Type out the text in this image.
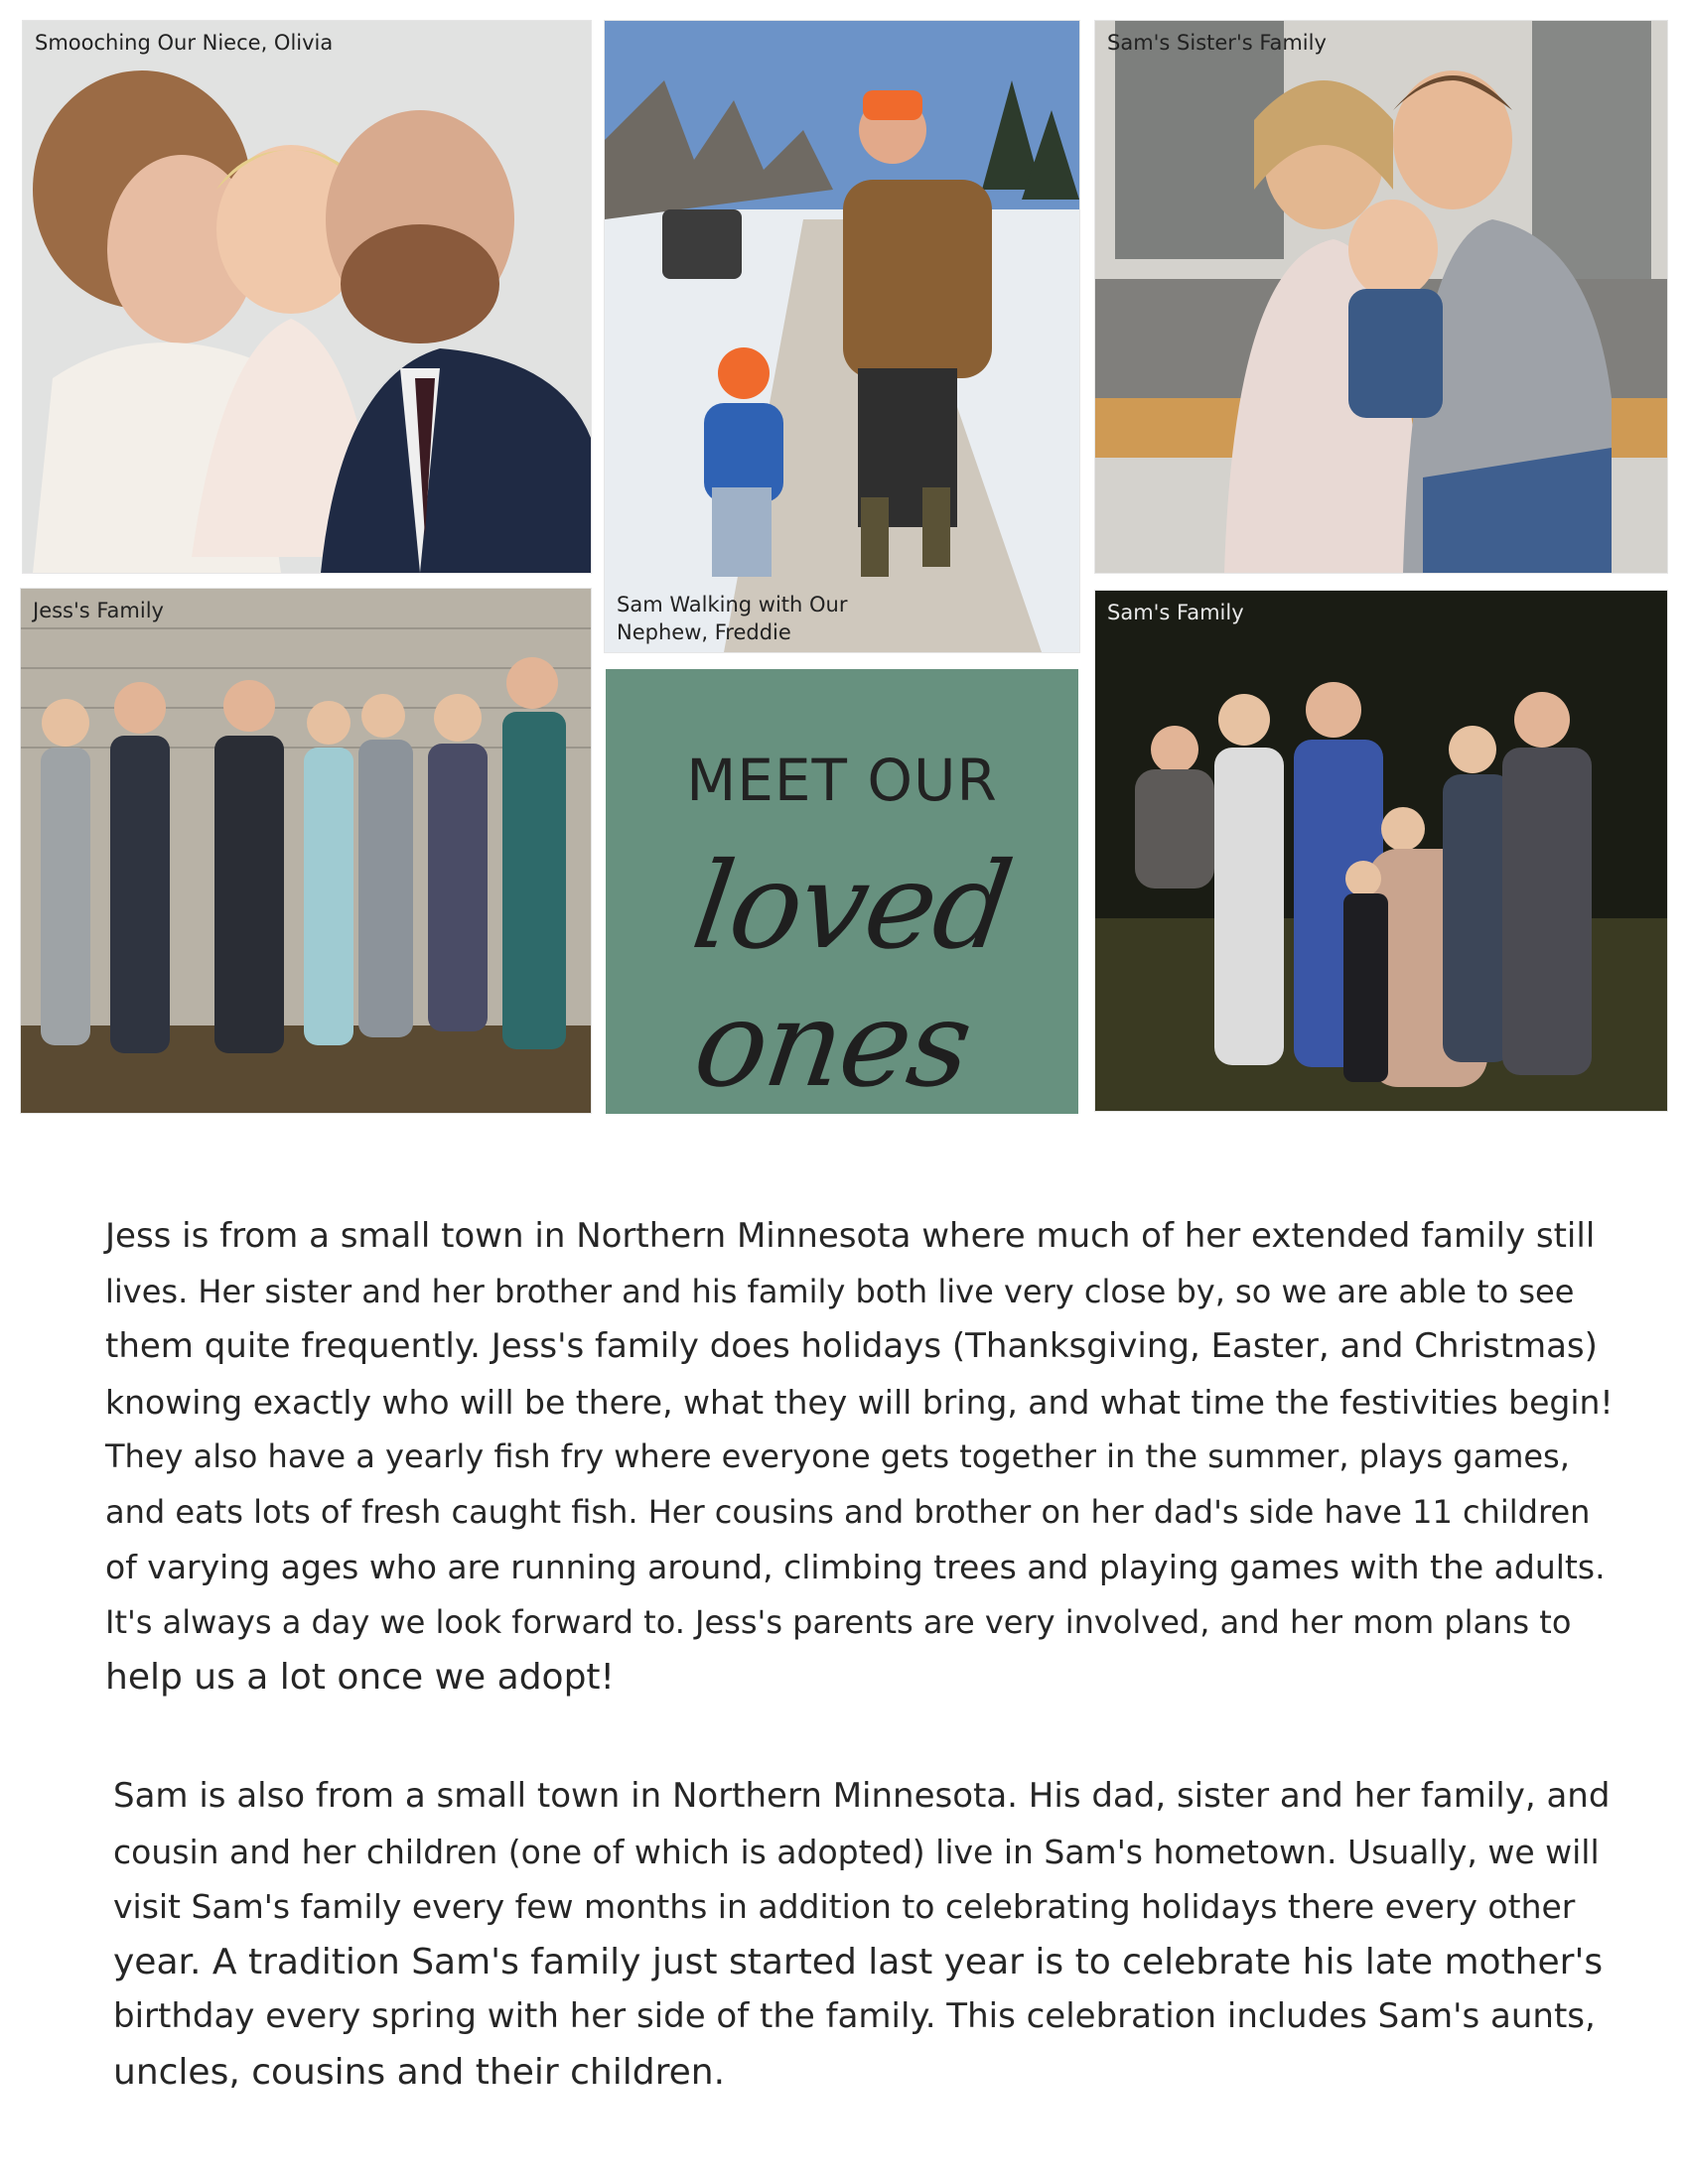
Smooching Our Niece, Olivia
Sam Walking with Our Nephew, Freddie
Sam's Sister's Family
Jess's Family
MEET OUR
loved ones
Sam's Family
Jess is from a small town in Northern Minnesota where much of her extended family still
lives. Her sister and her brother and his family both live very close by, so we are able to see
them quite frequently. Jess's family does holidays (Thanksgiving, Easter, and Christmas)
knowing exactly who will be there, what they will bring, and what time the festivities begin!
They also have a yearly fish fry where everyone gets together in the summer, plays games,
and eats lots of fresh caught fish. Her cousins and brother on her dad's side have 11 children
of varying ages who are running around, climbing trees and playing games with the adults.
It's always a day we look forward to. Jess's parents are very involved, and her mom plans to
help us a lot once we adopt!
Sam is also from a small town in Northern Minnesota. His dad, sister and her family, and
cousin and her children (one of which is adopted) live in Sam's hometown. Usually, we will
visit Sam's family every few months in addition to celebrating holidays there every other
year. A tradition Sam's family just started last year is to celebrate his late mother's
birthday every spring with her side of the family. This celebration includes Sam's aunts,
uncles, cousins and their children.
